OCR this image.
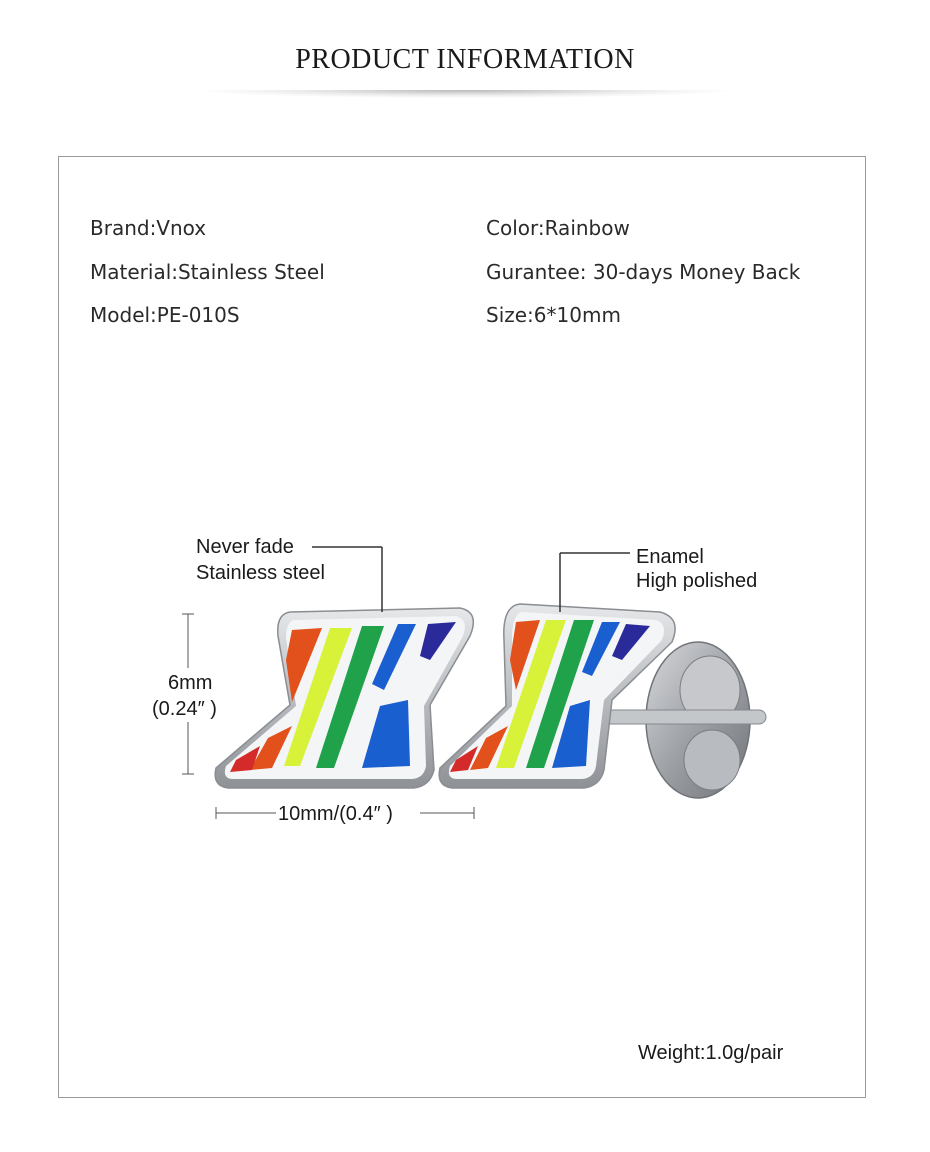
PRODUCT INFORMATION
Brand:Vnox
Material:Stainless Steel
Model:PE-010S
Color:Rainbow
Gurantee: 30-days Money Back
Size:6*10mm
Never fade
Stainless steel
Enamel
High polished
6mm
(0.24″ )
10mm/(0.4″ )
Weight:1.0g/pair
